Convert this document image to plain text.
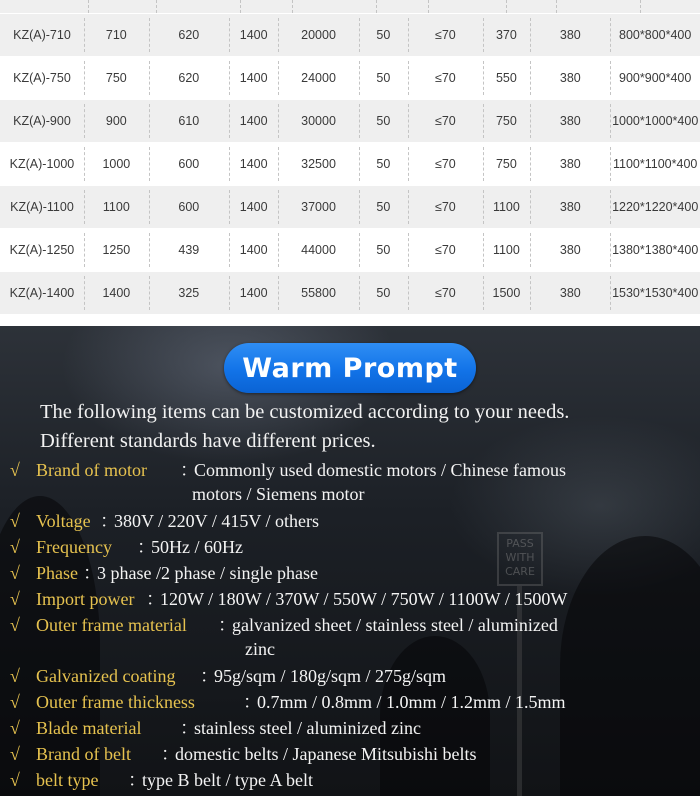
KZ(A)-710	710	620	1400	20000	50	≤70	370	380	800*800*400
KZ(A)-750	750	620	1400	24000	50	≤70	550	380	900*900*400
KZ(A)-900	900	610	1400	30000	50	≤70	750	380	1000*1000*400
KZ(A)-1000	1000	600	1400	32500	50	≤70	750	380	1100*1100*400
KZ(A)-1100	1100	600	1400	37000	50	≤70	1100	380	1220*1220*400
KZ(A)-1250	1250	439	1400	44000	50	≤70	1100	380	1380*1380*400
KZ(A)-1400	1400	325	1400	55800	50	≤70	1500	380	1530*1530*400
PASS
WITH
CARE
Warm Prompt
The following items can be customized according to your needs.
Different standards have different prices.
√ Brand of motor ：
Commonly used domestic motors / Chinese famous
motors / Siemens motor
√ Voltage ：
380V / 220V / 415V / others
√ Frequency ：
50Hz / 60Hz
√ Phase ：
3 phase /2 phase / single phase
√ Import power ：
120W / 180W / 370W / 550W / 750W / 1100W / 1500W
√ Outer frame material ：
galvanized sheet / stainless steel / aluminized
zinc
√ Galvanized coating ：
95g/sqm / 180g/sqm / 275g/sqm
√ Outer frame thickness	：
0.7mm / 0.8mm / 1.0mm / 1.2mm / 1.5mm
√ Blade material ：
stainless steel / aluminized zinc
√ Brand of belt ：
domestic belts / Japanese Mitsubishi belts
√ belt type ：
type B belt / type A belt
